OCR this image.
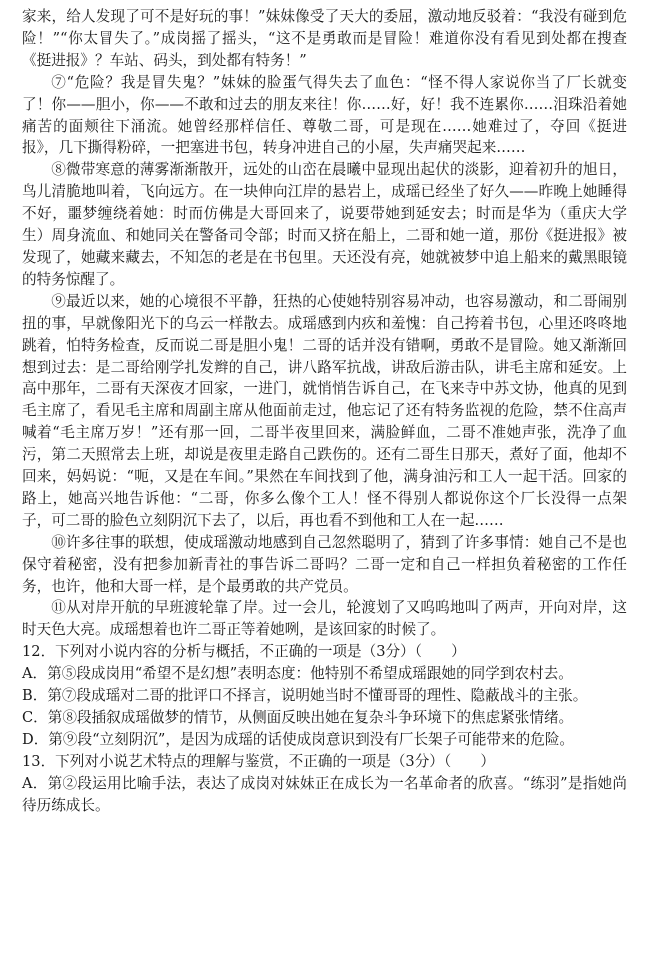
家来，给人发现了可不是好玩的事！”妹妹像受了天大的委屈，激动地反驳着：“我没有碰到危险！”“你太冒失了。”成岗摇了摇头，“这不是勇敢而是冒险！难道你没有看见到处都在搜查《挺进报》？车站、码头，到处都有特务！”

⑦“危险？我是冒失鬼？”妹妹的脸蛋气得失去了血色：“怪不得人家说你当了厂长就变了！你——胆小，你——不敢和过去的朋友来往！你……好，好！我不连累你……泪珠沿着她痛苦的面颊往下涌流。她曾经那样信任、尊敬二哥，可是现在……她难过了，夺回《挺进报》，几下撕得粉碎，一把塞进书包，转身冲进自己的小屋，失声痛哭起来……

⑧微带寒意的薄雾渐渐散开，远处的山峦在晨曦中显现出起伏的淡影，迎着初升的旭日，鸟儿清脆地叫着，飞向远方。在一块伸向江岸的悬岩上，成瑶已经坐了好久——昨晚上她睡得不好，噩梦缠绕着她：时而仿佛是大哥回来了，说要带她到延安去；时而是华为（重庆大学生）周身流血、和她同关在警备司令部；时而又挤在船上，二哥和她一道，那份《挺进报》被发现了，她藏来藏去，不知怎的老是在书包里。天还没有亮，她就被梦中追上船来的戴黑眼镜的特务惊醒了。

⑨最近以来，她的心境很不平静，狂热的心使她特别容易冲动，也容易激动，和二哥闹别扭的事，早就像阳光下的乌云一样散去。成瑶感到内疚和羞愧：自己挎着书包，心里还咚咚地跳着，怕特务检查，反而说二哥是胆小鬼！二哥的话并没有错啊，勇敢不是冒险。她又渐渐回想到过去：是二哥给刚学扎发辫的自己，讲八路军抗战，讲敌后游击队，讲毛主席和延安。上高中那年，二哥有天深夜才回家，一进门，就悄悄告诉自己，在飞来寺中苏文协，他真的见到毛主席了，看见毛主席和周副主席从他面前走过，他忘记了还有特务监视的危险，禁不住高声喊着“毛主席万岁！”还有那一回，二哥半夜里回来，满脸鲜血，二哥不准她声张，洗净了血污，第二天照常去上班，却说是夜里走路自己跌伤的。还有二哥生日那天，煮好了面，他却不回来，妈妈说：“呃，又是在车间。”果然在车间找到了他，满身油污和工人一起干活。回家的路上，她高兴地告诉他：“二哥，你多么像个工人！怪不得别人都说你这个厂长没得一点架子，可二哥的脸色立刻阴沉下去了，以后，再也看不到他和工人在一起……

⑩许多往事的联想，使成瑶激动地感到自己忽然聪明了，猜到了许多事情：她自己不是也保守着秘密，没有把参加新青社的事告诉二哥吗？二哥一定和自己一样担负着秘密的工作任务，也许，他和大哥一样，是个最勇敢的共产党员。

⑪从对岸开航的早班渡轮靠了岸。过一会儿，轮渡划了又呜呜地叫了两声，开向对岸，这时天色大亮。成瑶想着也许二哥正等着她咧，是该回家的时候了。

12．下列对小说内容的分析与概括，不正确的一项是（3分）（　　）

A．第⑤段成岗用“希望不是幻想”表明态度：他特别不希望成瑶跟她的同学到农村去。

B．第⑦段成瑶对二哥的批评口不择言，说明她当时不懂哥哥的理性、隐蔽战斗的主张。

C．第⑧段插叙成瑶做梦的情节，从侧面反映出她在复杂斗争环境下的焦虑紧张情绪。

D．第⑨段“立刻阴沉”，是因为成瑶的话使成岗意识到没有厂长架子可能带来的危险。

13．下列对小说艺术特点的理解与鉴赏，不正确的一项是（3分）（　　）

A．第②段运用比喻手法，表达了成岗对妹妹正在成长为一名革命者的欣喜。“练羽”是指她尚待历练成长。
